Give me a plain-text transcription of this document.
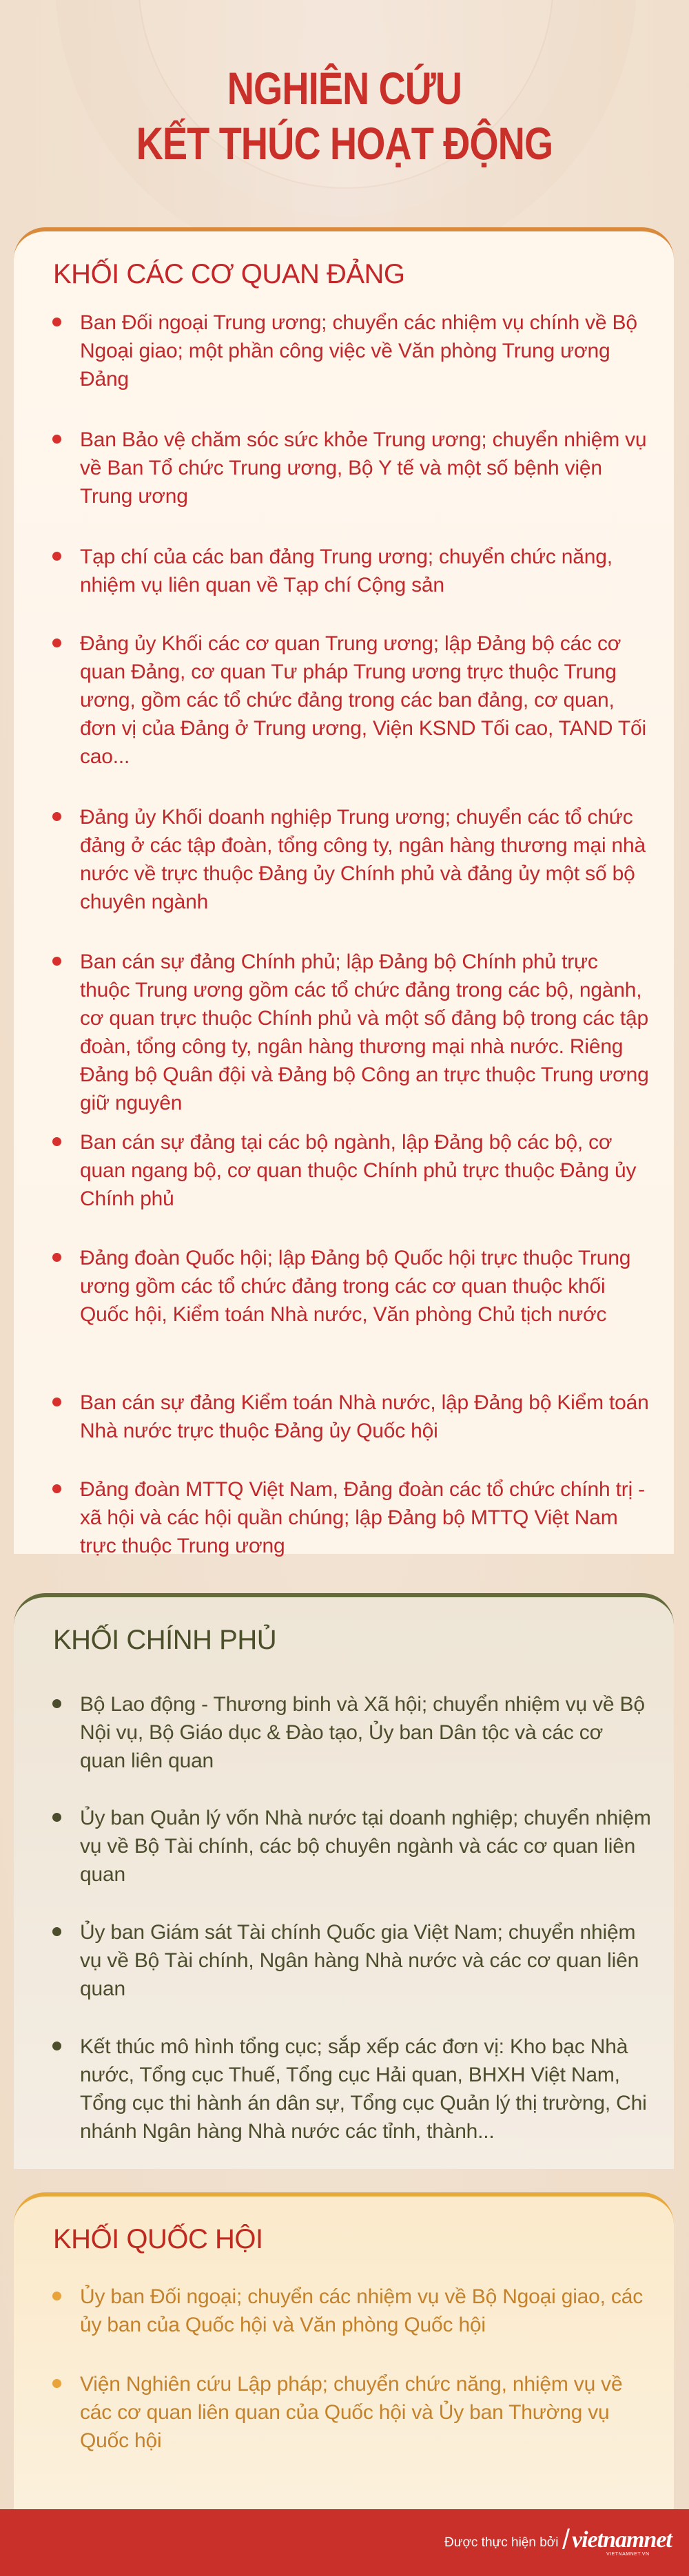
NGHIÊN CỨU
KẾT THÚC HOẠT ĐỘNG
KHỐI CÁC CƠ QUAN ĐẢNG
Ban Đối ngoại Trung ương; chuyển các nhiệm vụ chính về Bộ Ngoại giao; một phần công việc về Văn phòng Trung ương Đảng
Ban Bảo vệ chăm sóc sức khỏe Trung ương; chuyển nhiệm vụ về Ban Tổ chức Trung ương, Bộ Y tế và một số bệnh viện Trung ương
Tạp chí của các ban đảng Trung ương; chuyển chức năng, nhiệm vụ liên quan về Tạp chí Cộng sản
Đảng ủy Khối các cơ quan Trung ương; lập Đảng bộ các cơ quan Đảng, cơ quan Tư pháp Trung ương trực thuộc Trung ương, gồm các tổ chức đảng trong các ban đảng, cơ quan, đơn vị của Đảng ở Trung ương, Viện KSND Tối cao, TAND Tối cao...
Đảng ủy Khối doanh nghiệp Trung ương; chuyển các tổ chức đảng ở các tập đoàn, tổng công ty, ngân hàng thương mại nhà nước về trực thuộc Đảng ủy Chính phủ và đảng ủy một số bộ chuyên ngành
Ban cán sự đảng Chính phủ; lập Đảng bộ Chính phủ trực thuộc Trung ương gồm các tổ chức đảng trong các bộ, ngành, cơ quan trực thuộc Chính phủ và một số đảng bộ trong các tập đoàn, tổng công ty, ngân hàng thương mại nhà nước. Riêng Đảng bộ Quân đội và Đảng bộ Công an trực thuộc Trung ương giữ nguyên
Ban cán sự đảng tại các bộ ngành, lập Đảng bộ các bộ, cơ quan ngang bộ, cơ quan thuộc Chính phủ trực thuộc Đảng ủy Chính phủ
Đảng đoàn Quốc hội; lập Đảng bộ Quốc hội trực thuộc Trung ương gồm các tổ chức đảng trong các cơ quan thuộc khối Quốc hội, Kiểm toán Nhà nước, Văn phòng Chủ tịch nước
Ban cán sự đảng Kiểm toán Nhà nước, lập Đảng bộ Kiểm toán Nhà nước trực thuộc Đảng ủy Quốc hội
Đảng đoàn MTTQ Việt Nam, Đảng đoàn các tổ chức chính trị - xã hội và các hội quần chúng; lập Đảng bộ MTTQ Việt Nam trực thuộc Trung ương
KHỐI CHÍNH PHỦ
Bộ Lao động - Thương binh và Xã hội; chuyển nhiệm vụ về Bộ Nội vụ, Bộ Giáo dục & Đào tạo, Ủy ban Dân tộc và các cơ quan liên quan
Ủy ban Quản lý vốn Nhà nước tại doanh nghiệp; chuyển nhiệm vụ về Bộ Tài chính, các bộ chuyên ngành và các cơ quan liên quan
Ủy ban Giám sát Tài chính Quốc gia Việt Nam; chuyển nhiệm vụ về Bộ Tài chính, Ngân hàng Nhà nước và các cơ quan liên quan
Kết thúc mô hình tổng cục; sắp xếp các đơn vị: Kho bạc Nhà nước, Tổng cục Thuế, Tổng cục Hải quan, BHXH Việt Nam, Tổng cục thi hành án dân sự, Tổng cục Quản lý thị trường, Chi nhánh Ngân hàng Nhà nước các tỉnh, thành...
KHỐI QUỐC HỘI
Ủy ban Đối ngoại; chuyển các nhiệm vụ về Bộ Ngoại giao, các ủy ban của Quốc hội và Văn phòng Quốc hội
Viện Nghiên cứu Lập pháp; chuyển chức năng, nhiệm vụ về các cơ quan liên quan của Quốc hội và Ủy ban Thường vụ Quốc hội
Được thực hiện bởi vietnamnet
VIETNAMNET.VN
